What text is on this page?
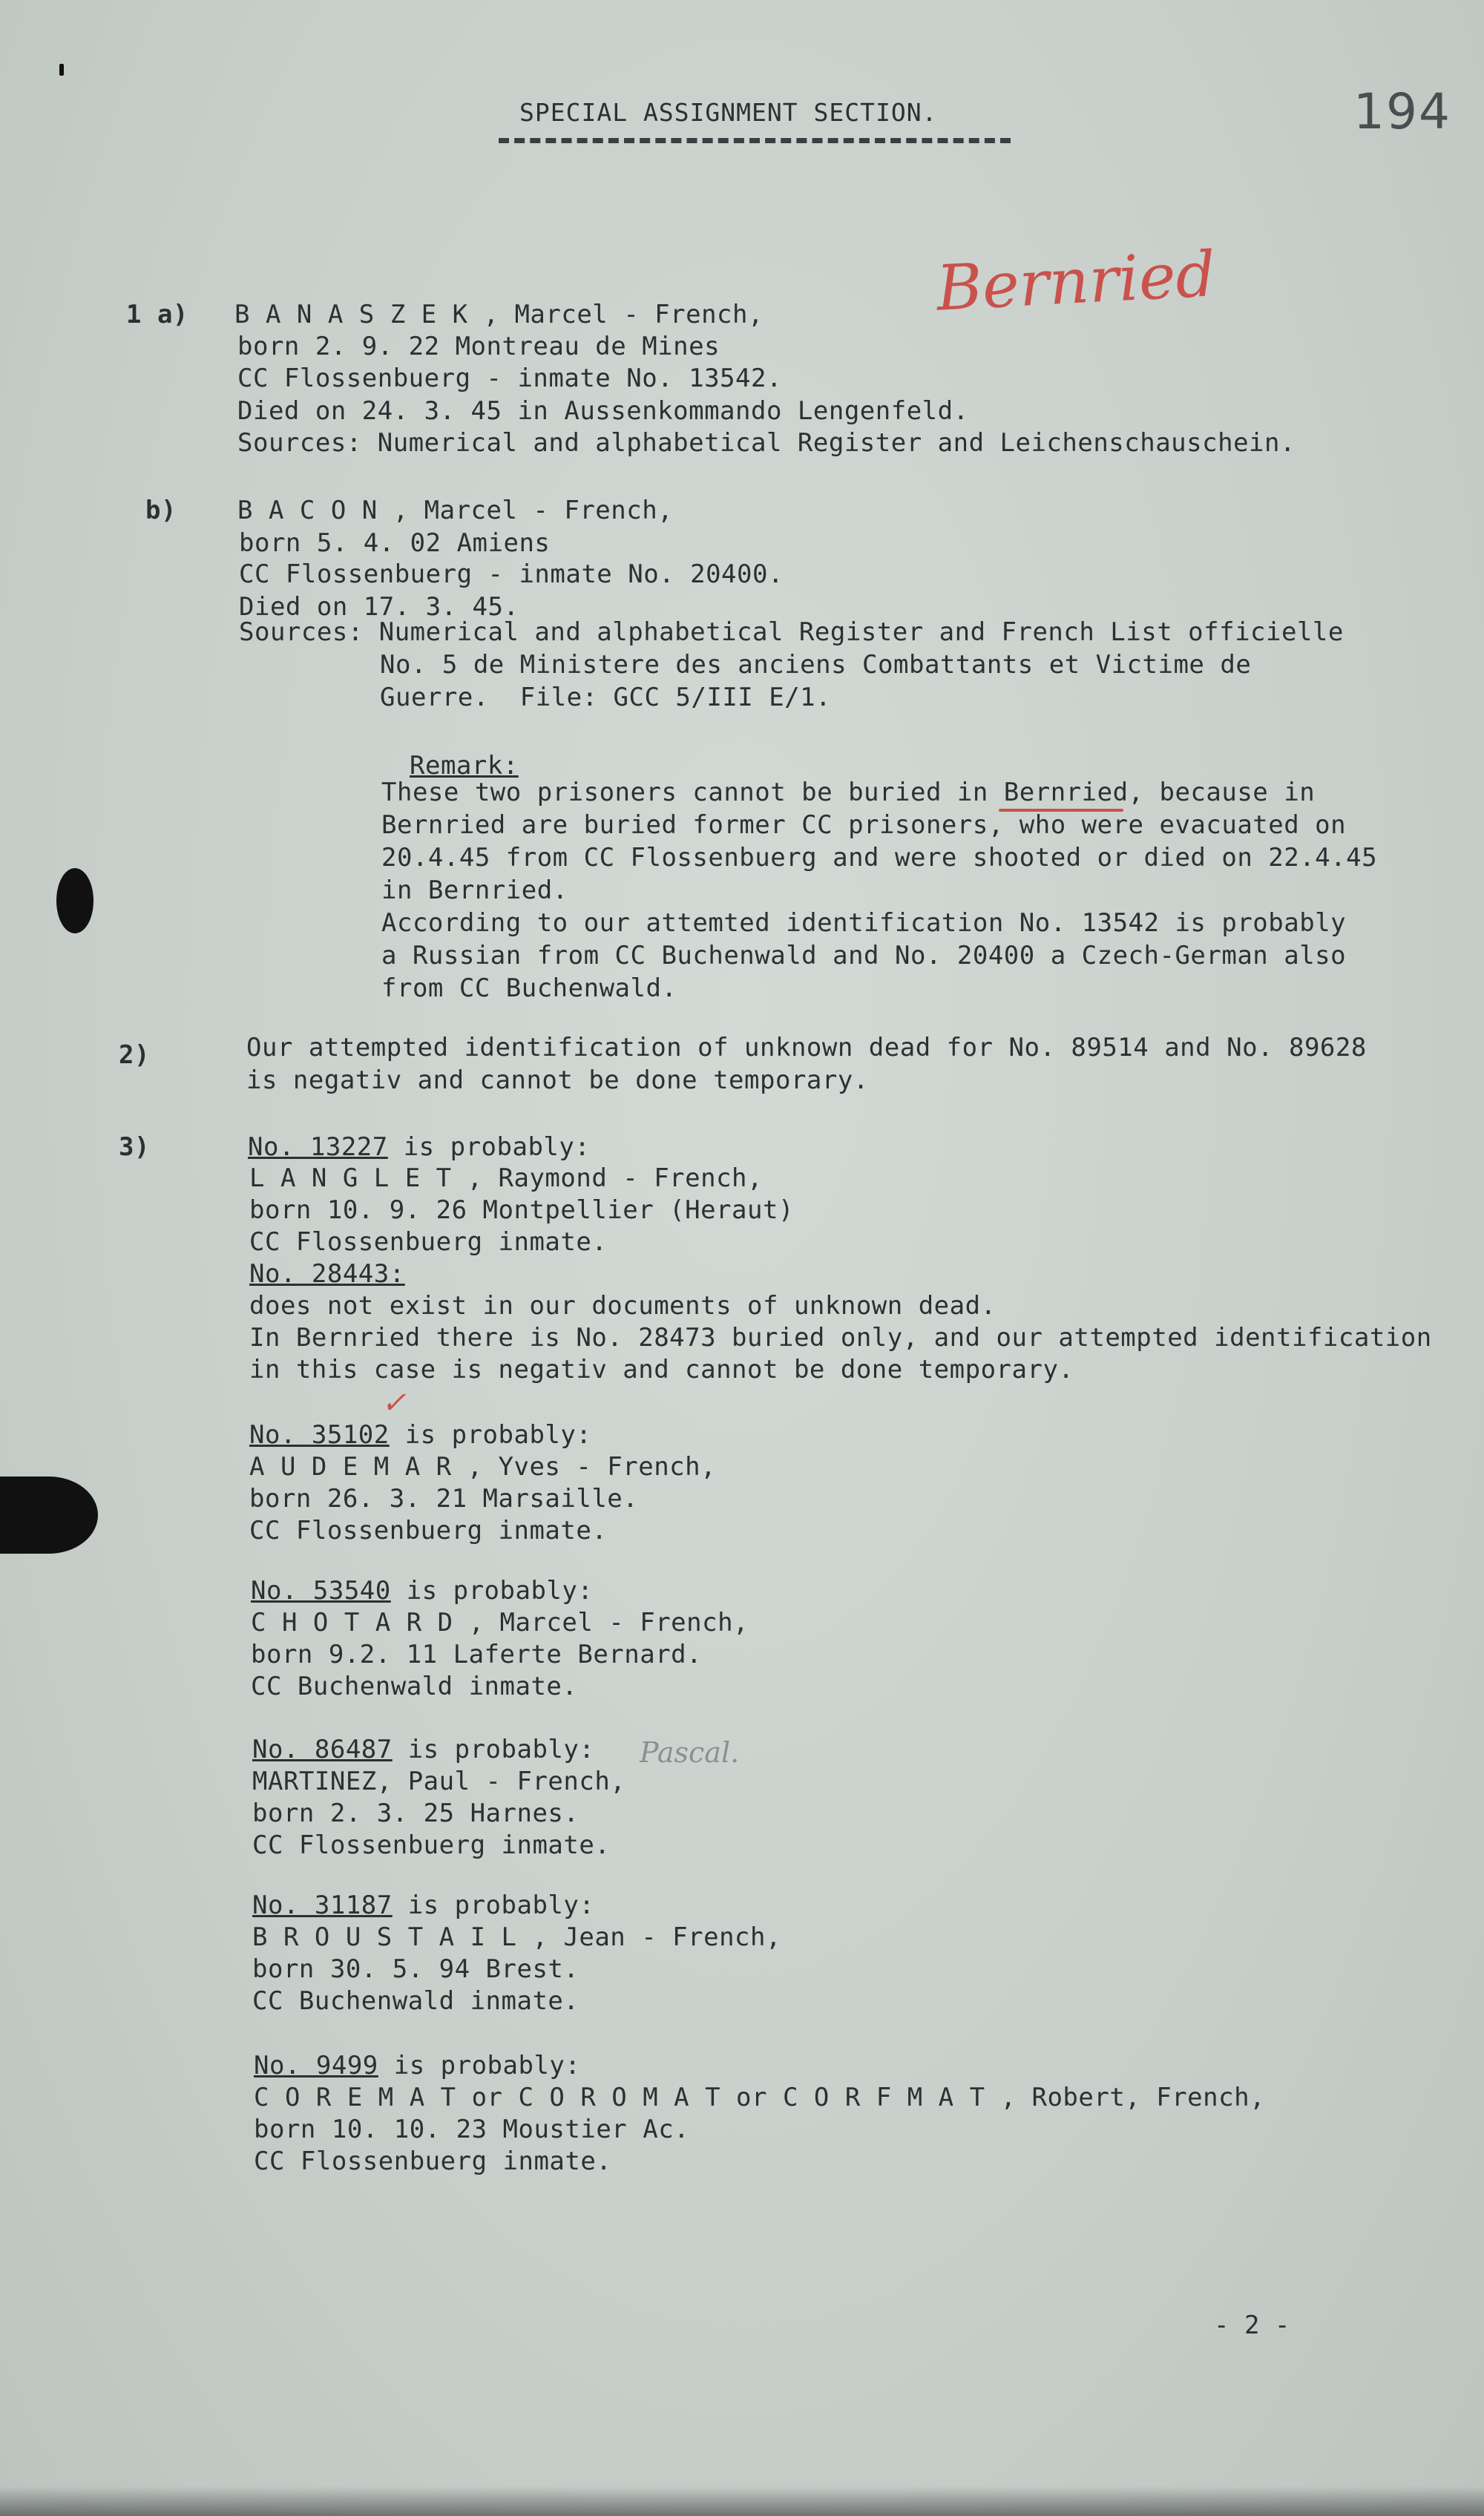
SPECIAL ASSIGNMENT SECTION.	194
Bernried
1 a) B A N A S Z E K , Marcel - French,
born 2. 9. 22 Montreau de Mines
CC Flossenbuerg - inmate No. 13542.
Died on 24. 3. 45 in Aussenkommando Lengenfeld.
Sources: Numerical and alphabetical Register and Leichenschauschein.
b) B A C O N , Marcel - French,
born 5. 4. 02 Amiens
CC Flossenbuerg - inmate No. 20400.
Died on 17. 3. 45.
Sources: Numerical and alphabetical Register and French List officielle
No. 5 de Ministere des anciens Combattants et Victime de
Guerre.  File: GCC 5/III E/1.
Remark:
These two prisoners cannot be buried in Bernried, because in
Bernried are buried former CC prisoners, who were evacuated on
20.4.45 from CC Flossenbuerg and were shooted or died on 22.4.45
in Bernried.
According to our attemted identification No. 13542 is probably
a Russian from CC Buchenwald and No. 20400 a Czech-German also
from CC Buchenwald.
2)	Our attempted identification of unknown dead for No. 89514 and No. 89628
is negativ and cannot be done temporary.
3)	No. 13227 is probably:
L A N G L E T , Raymond - French,
born 10. 9. 26 Montpellier (Heraut)
CC Flossenbuerg inmate.
No. 28443:
does not exist in our documents of unknown dead.
In Bernried there is No. 28473 buried only, and our attempted identification
in this case is negativ and cannot be done temporary.
No. 35102 is probably:
✓
A U D E M A R , Yves - French,
born 26. 3. 21 Marsaille.
CC Flossenbuerg inmate.
No. 53540 is probably:
C H O T A R D , Marcel - French,
born 9.2. 11 Laferte Bernard.
CC Buchenwald inmate.
No. 86487 is probably: Pascal.
MARTINEZ, Paul - French,
born 2. 3. 25 Harnes.
CC Flossenbuerg inmate.
No. 31187 is probably:
B R O U S T A I L , Jean - French,
born 30. 5. 94 Brest.
CC Buchenwald inmate.
No. 9499 is probably:
C O R E M A T or C O R O M A T or C O R F M A T , Robert, French,
born 10. 10. 23 Moustier Ac.
CC Flossenbuerg inmate.
- 2 -
